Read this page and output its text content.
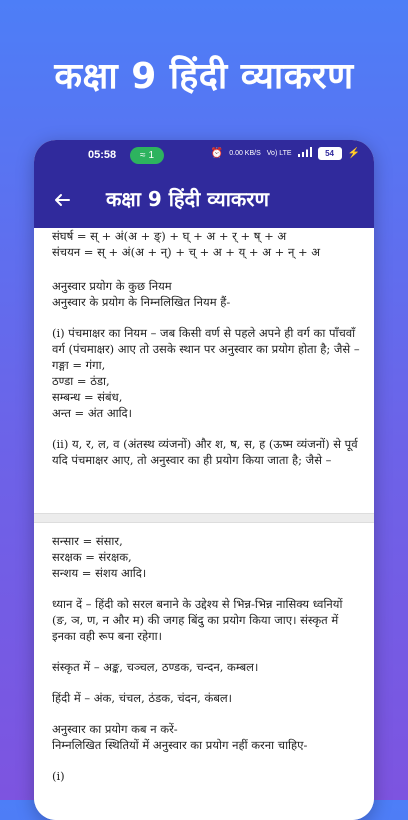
कक्षा 9 हिंदी व्याकरण
05:58 ≈ 1	⏰ 0.00 KB/S Vo) LTE	54	⚡
कक्षा 9 हिंदी व्याकरण

संघर्ष = स् + अं(अ + ङ्) + घ् + अ + र् + ष् + अ

संचयन = स् + अं(अ + न्) + च् + अ + य् + अ + न् + अ

अनुस्वार प्रयोग के कुछ नियम

अनुस्वार के प्रयोग के निम्नलिखित नियम हैं-

(i) पंचमाक्षर का नियम – जब किसी वर्ण से पहले अपने ही वर्ग का पाँचवाँ वर्ग (पंचमाक्षर) आए तो उसके स्थान पर अनुस्वार का प्रयोग होता है; जैसे –

गङ्गा = गंगा,

ठण्डा = ठंडा,

सम्बन्ध = संबंध,

अन्त = अंत आदि।

(ii) य, र, ल, व (अंतस्थ व्यंजनों) और श, ष, स, ह (ऊष्म व्यंजनों) से पूर्व यदि पंचमाक्षर आए, तो अनुस्वार का ही प्रयोग किया जाता है; जैसे –

सन्सार = संसार,

सरक्षक = संरक्षक,

सन्शय = संशय आदि।

ध्यान दें – हिंदी को सरल बनाने के उद्देश्य से भिन्न-भिन्न नासिक्य ध्वनियों (ङ, ञ, ण, न और म) की जगह बिंदु का प्रयोग किया जाए। संस्कृत में इनका वही रूप बना रहेगा।

संस्कृत में – अङ्क, चञ्चल, ठण्डक, चन्दन, कम्बल।

हिंदी में – अंक, चंचल, ठंडक, चंदन, कंबल।

अनुस्वार का प्रयोग कब न करें-

निम्नलिखित स्थितियों में अनुस्वार का प्रयोग नहीं करना चाहिए-

(i)
